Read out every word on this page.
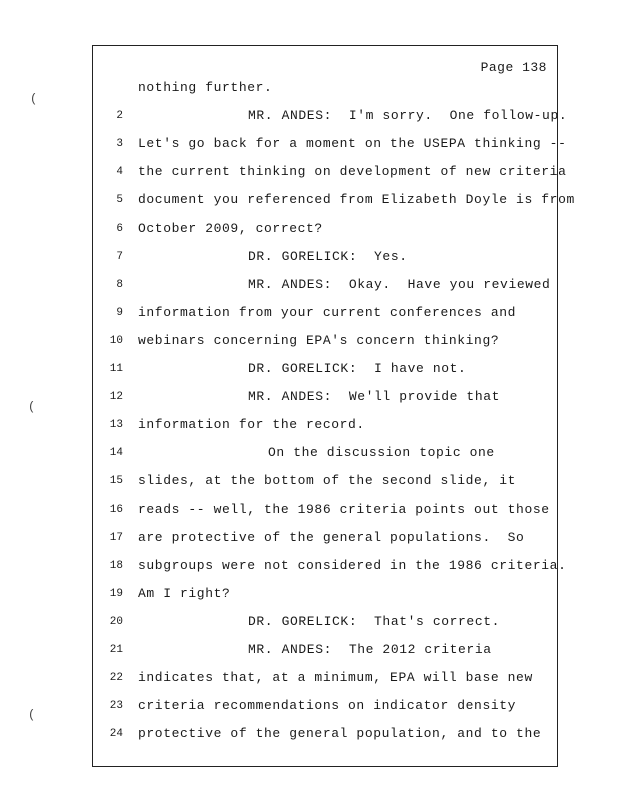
Page 138
nothing further.
2	MR. ANDES:  I'm sorry.  One follow-up.
3 Let's go back for a moment on the USEPA thinking --
4 the current thinking on development of new criteria
5 document you referenced from Elizabeth Doyle is from
6 October 2009, correct?
7	DR. GORELICK:  Yes.
8	MR. ANDES:  Okay.  Have you reviewed
9 information from your current conferences and
10 webinars concerning EPA's concern thinking?
11	DR. GORELICK:  I have not.
12	MR. ANDES:  We'll provide that
13 information for the record.
14	On the discussion topic one
15 slides, at the bottom of the second slide, it
16 reads -- well, the 1986 criteria points out those
17 are protective of the general populations.  So
18 subgroups were not considered in the 1986 criteria.
19 Am I right?
20	DR. GORELICK:  That's correct.
21	MR. ANDES:  The 2012 criteria
22 indicates that, at a minimum, EPA will base new
23 criteria recommendations on indicator density
24 protective of the general population, and to the
(
(
(
